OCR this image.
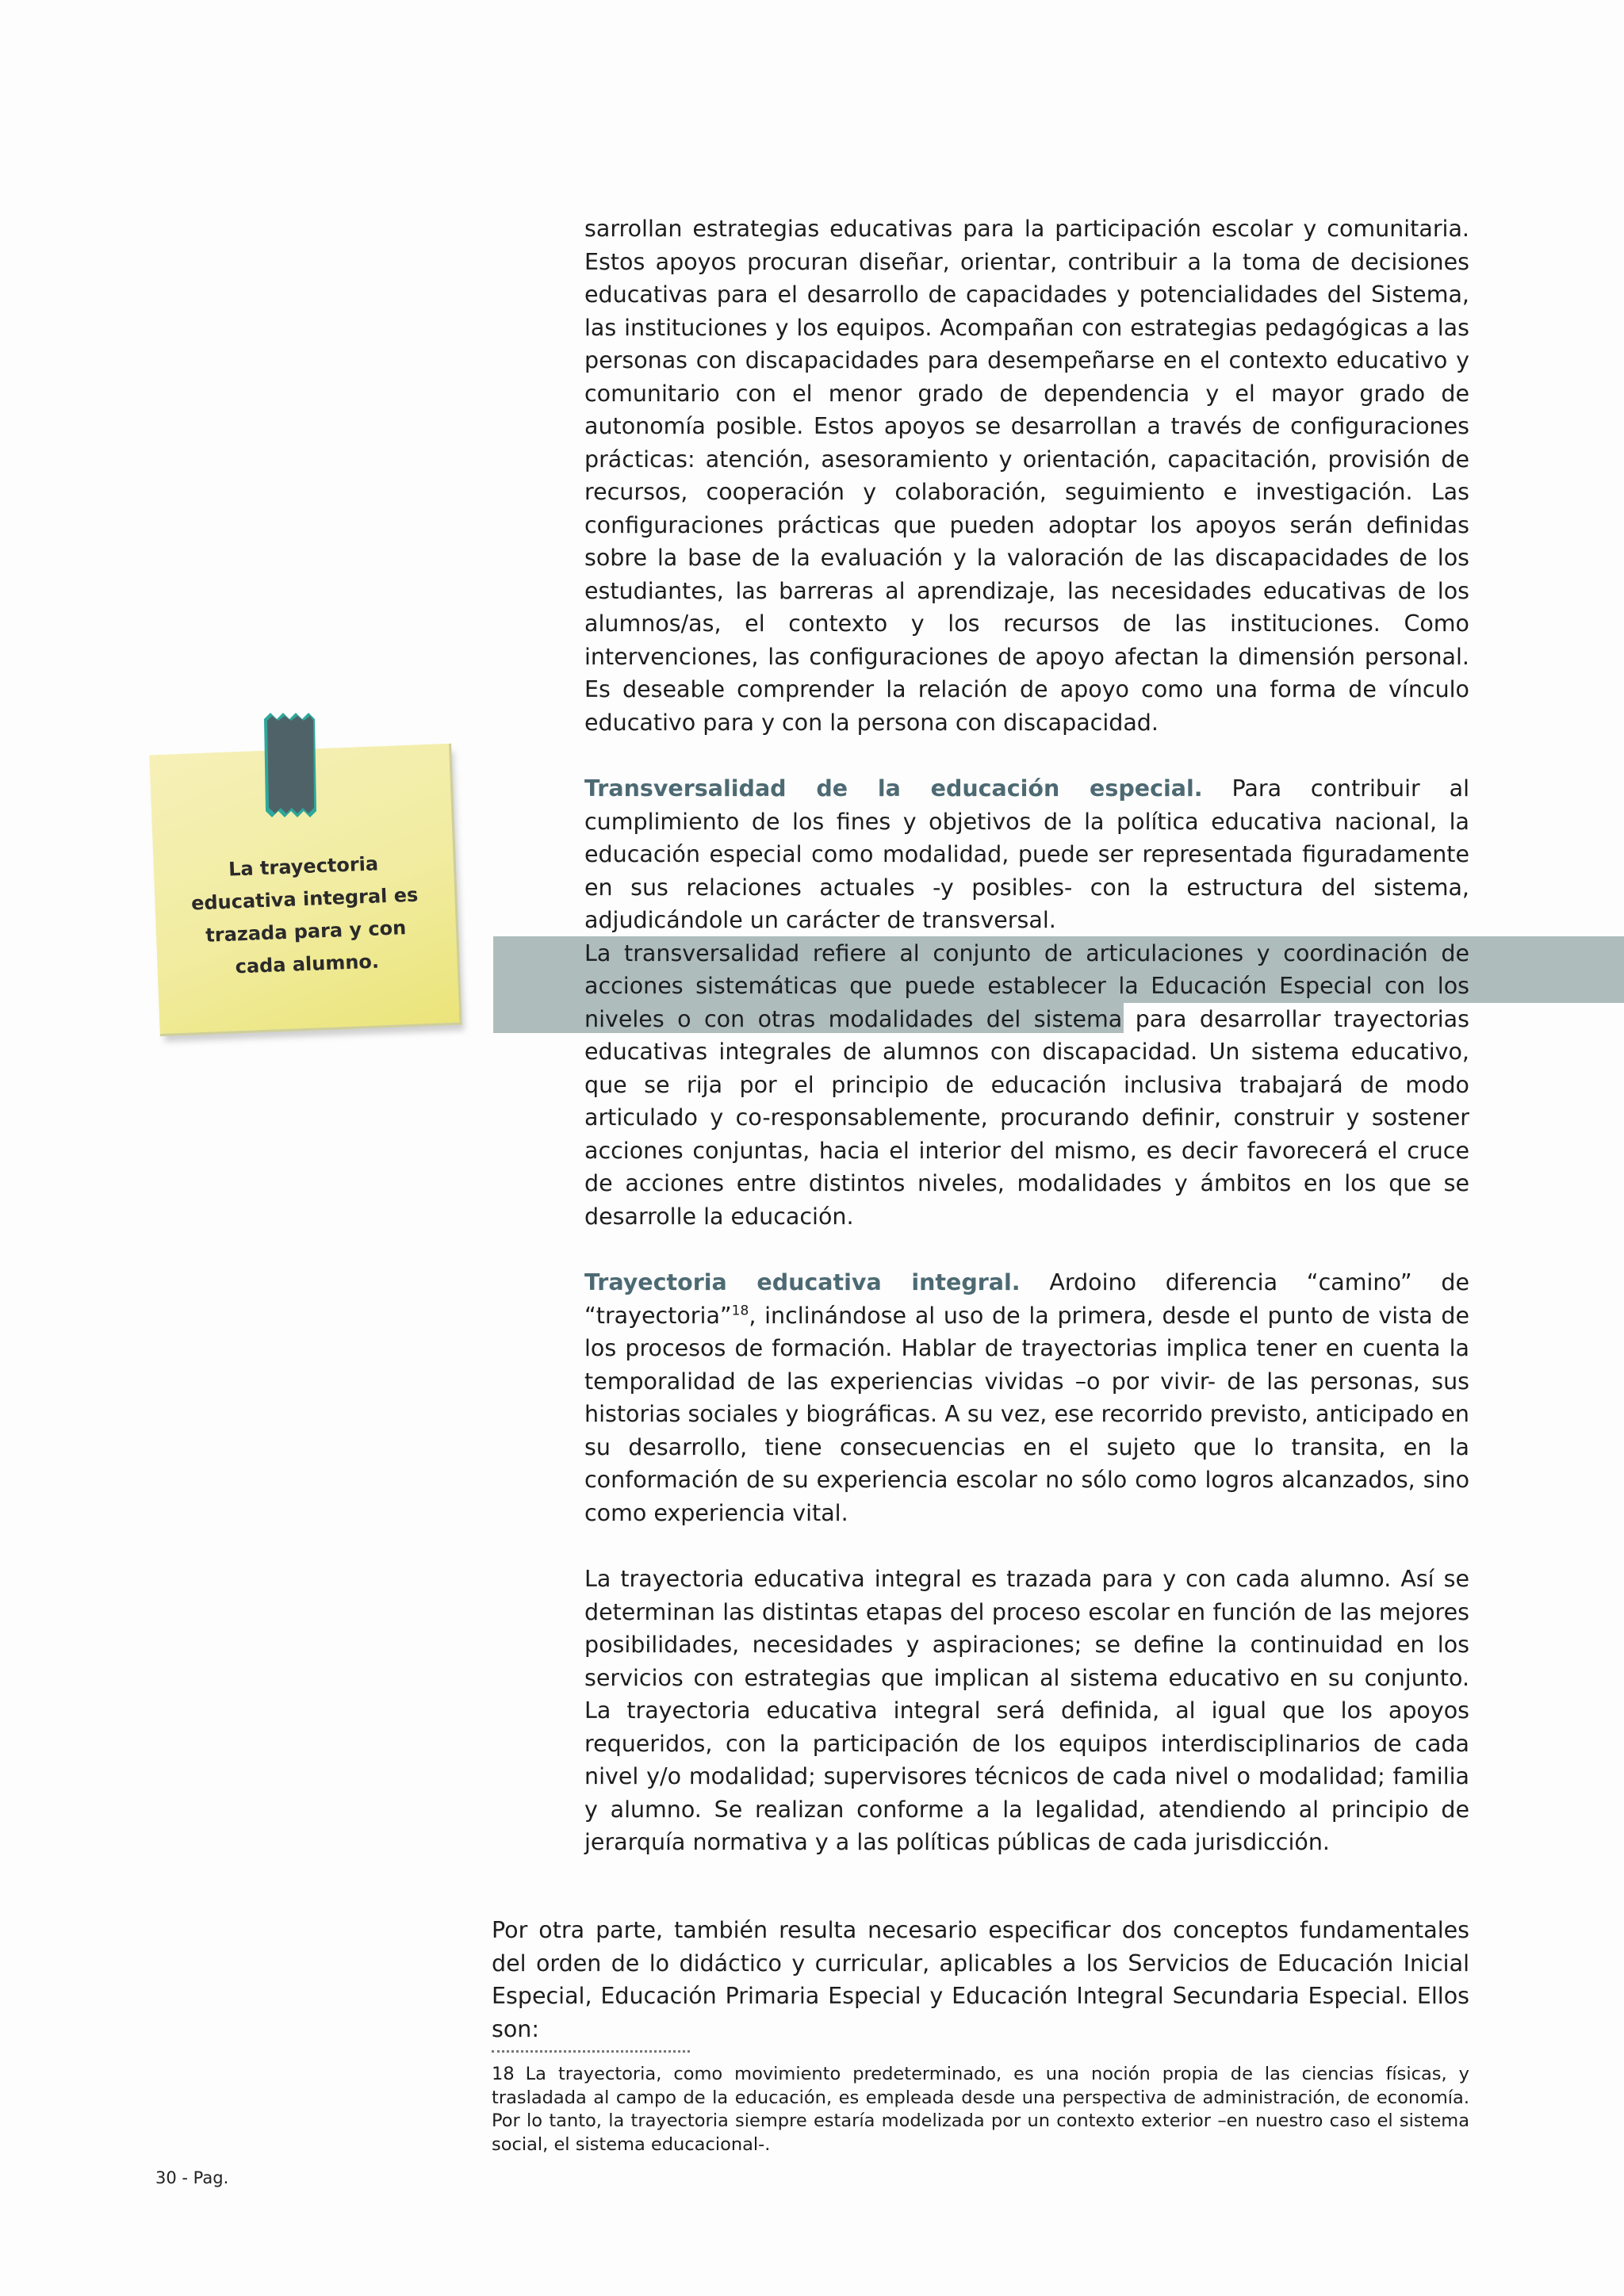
sarrollan estrategias educativas para la participación escolar y comunitaria. Estos apoyos procuran diseñar, orientar, contribuir a la toma de decisiones educativas para el desarrollo de capacidades y potencialidades del Sistema, las instituciones y los equipos. Acompañan con estrategias pedagógicas a las personas con discapacidades para desempeñarse en el contexto educativo y comunitario con el menor grado de dependencia y el mayor grado de autonomía posible. Estos apoyos se desarrollan a través de configuraciones prácticas: atención, asesoramiento y orientación, capacitación, provisión de recursos, cooperación y colaboración, seguimiento e investigación. Las configuraciones prácticas que pueden adoptar los apoyos serán definidas sobre la base de la evaluación y la valoración de las discapacidades de los estudiantes, las barreras al aprendizaje, las necesidades educativas de los alumnos/as, el contexto y los recursos de las instituciones. Como intervenciones, las configuraciones de apoyo afectan la dimensión personal. Es deseable comprender la relación de apoyo como una forma de vínculo educativo para y con la persona con discapacidad.

Transversalidad de la educación especial. Para contribuir al cumplimiento de los fines y objetivos de la política educativa nacional, la educación especial como modalidad, puede ser representada figuradamente en sus relaciones actuales -y posibles- con la estructura del sistema, adjudicándole un carácter de transversal.

La transversalidad refiere al conjunto de articulaciones y coordinación de acciones sistemáticas que puede establecer la Educación Especial con los niveles o con otras modalidades del sistema para desarrollar trayectorias educativas integrales de alumnos con discapacidad. Un sistema educativo, que se rija por el principio de educación inclusiva trabajará de modo articulado y co-responsablemente, procurando definir, construir y sostener acciones conjuntas, hacia el interior del mismo, es decir favorecerá el cruce de acciones entre distintos niveles, modalidades y ámbitos en los que se desarrolle la educación.

Trayectoria educativa integral. Ardoino diferencia “camino” de “trayectoria”$^{18}$, inclinándose al uso de la primera, desde el punto de vista de los procesos de formación. Hablar de trayectorias implica tener en cuenta la temporalidad de las experiencias vividas –o por vivir- de las personas, sus historias sociales y biográficas. A su vez, ese recorrido previsto, anticipado en su desarrollo, tiene consecuencias en el sujeto que lo transita, en la conformación de su experiencia escolar no sólo como logros alcanzados, sino como experiencia vital.

La trayectoria educativa integral es trazada para y con cada alumno. Así se determinan las distintas etapas del proceso escolar en función de las mejores posibilidades, necesidades y aspiraciones; se define la continuidad en los servicios con estrategias que implican al sistema educativo en su conjunto. La trayectoria educativa integral será definida, al igual que los apoyos requeridos, con la participación de los equipos interdisciplinarios de cada nivel y/o modalidad; supervisores técnicos de cada nivel o modalidad; familia y alumno. Se realizan conforme a la legalidad, atendiendo al principio de jerarquía normativa y a las políticas públicas de cada jurisdicción.

Por otra parte, también resulta necesario especificar dos conceptos fundamentales del orden de lo didáctico y curricular, aplicables a los Servicios de Educación Inicial Especial, Educación Primaria Especial y Educación Integral Secundaria Especial. Ellos son:

18 La trayectoria, como movimiento predeterminado, es una noción propia de las ciencias físicas, y trasladada al campo de la educación, es empleada desde una perspectiva de administración, de economía. Por lo tanto, la trayectoria siempre estaría modelizada por un contexto exterior –en nuestro caso el sistema social, el sistema educacional-.
30 - Pag.
La trayectoria educativa integral es trazada para y con cada alumno.
